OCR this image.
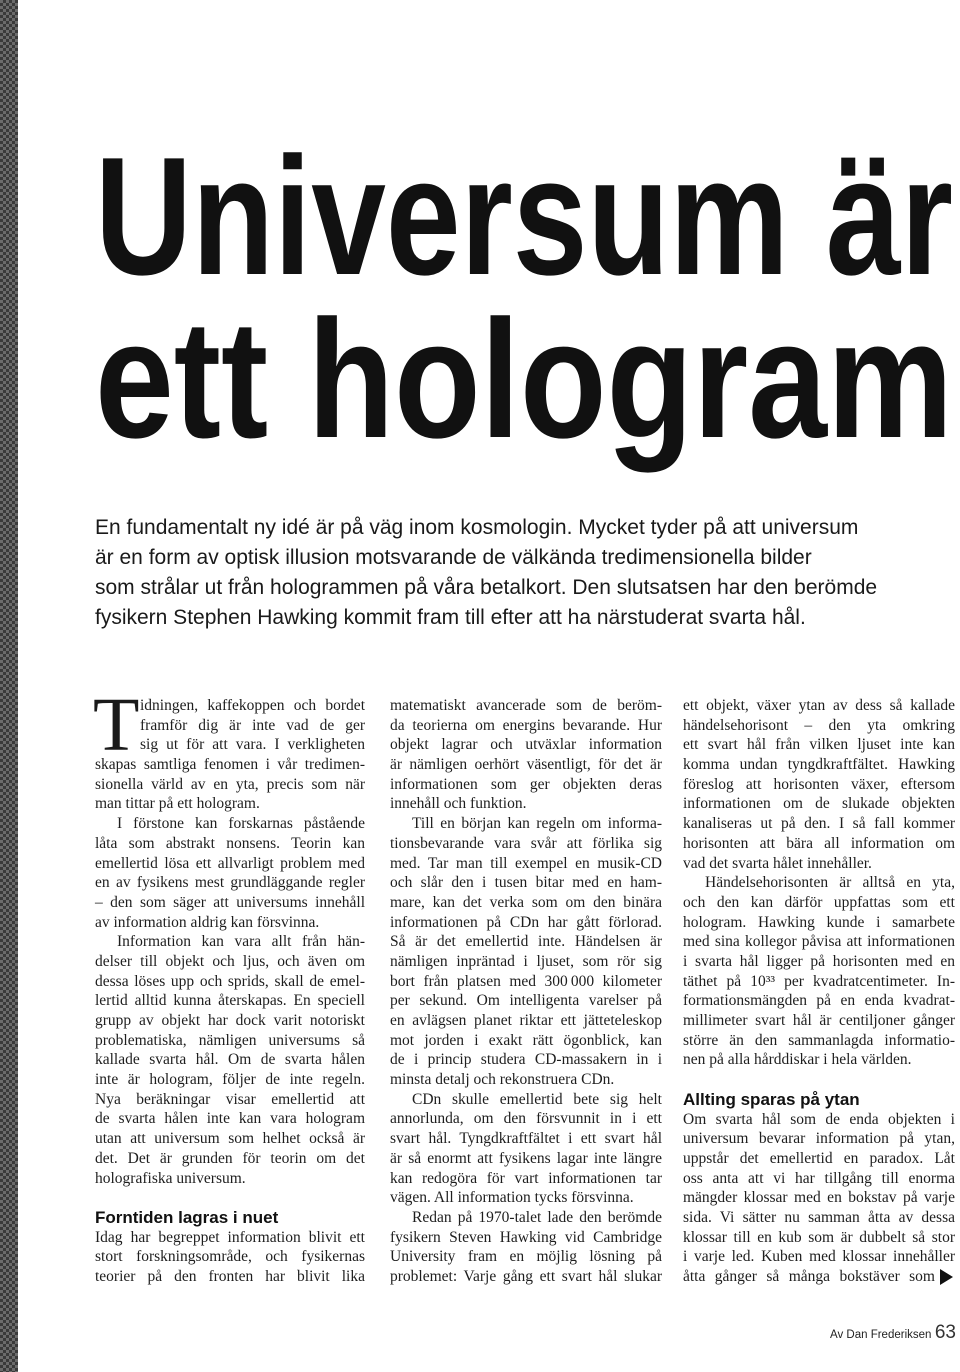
Universum är
ett hologram
En fundamentalt ny idé är på väg inom kosmologin. Mycket tyder på att universum
är en form av optisk illusion motsvarande de välkända tredimensionella bilder
som strålar ut från hologrammen på våra betalkort. Den slutsatsen har den berömde
fysikern Stephen Hawking kommit fram till efter att ha närstuderat svarta hål.
T idningen, kaffekoppen och bordet
framför dig är inte vad de ger
sig ut för att vara. I verkligheten
skapas samtliga fenomen i vår tredimen-
sionella värld av en yta, precis som när
man tittar på ett hologram.
I förstone kan forskarnas påstående
låta som abstrakt nonsens. Teorin kan
emellertid lösa ett allvarligt problem med
en av fysikens mest grundläggande regler
– den som säger att universums innehåll
av information aldrig kan försvinna.
Information kan vara allt från hän-
delser till objekt och ljus, och även om
dessa löses upp och sprids, skall de emel-
lertid alltid kunna återskapas. En speciell
grupp av objekt har dock varit notoriskt
problematiska, nämligen universums så
kallade svarta hål. Om de svarta hålen
inte är hologram, följer de inte regeln.
Nya beräkningar visar emellertid att
de svarta hålen inte kan vara hologram
utan att universum som helhet också är
det. Det är grunden för teorin om det
holografiska universum.
Forntiden lagras i nuet
Idag har begreppet information blivit ett
stort forskningsområde, och fysikernas
teorier på den fronten har blivit lika
matematiskt avancerade som de beröm-
da teorierna om energins bevarande. Hur
objekt lagrar och utväxlar information
är nämligen oerhört väsentligt, för det är
informationen som ger objekten deras
innehåll och funktion.
Till en början kan regeln om informa-
tionsbevarande vara svår att förlika sig
med. Tar man till exempel en musik-CD
och slår den i tusen bitar med en ham-
mare, kan det verka som om den binära
informationen på CDn har gått förlorad.
Så är det emellertid inte. Händelsen är
nämligen inpräntad i ljuset, som rör sig
bort från platsen med 300 000 kilometer
per sekund. Om intelligenta varelser på
en avlägsen planet riktar ett jätteteleskop
mot jorden i exakt rätt ögonblick, kan
de i princip studera CD-massakern in i
minsta detalj och rekonstruera CDn.
CDn skulle emellertid bete sig helt
annorlunda, om den försvunnit in i ett
svart hål. Tyngdkraftfältet i ett svart hål
är så enormt att fysikens lagar inte längre
kan redogöra för vart informationen tar
vägen. All information tycks försvinna.
Redan på 1970-talet lade den berömde
fysikern Steven Hawking vid Cambridge
University fram en möjlig lösning på
problemet: Varje gång ett svart hål slukar
ett objekt, växer ytan av dess så kallade
händelsehorisont – den yta omkring
ett svart hål från vilken ljuset inte kan
komma undan tyngdkraftfältet. Hawking
föreslog att horisonten växer, eftersom
informationen om de slukade objekten
kanaliseras ut på den. I så fall kommer
horisonten att bära all information om
vad det svarta hålet innehåller.
Händelsehorisonten är alltså en yta,
och den kan därför uppfattas som ett
hologram. Hawking kunde i samarbete
med sina kollegor påvisa att informationen
i svarta hål ligger på horisonten med en
täthet på 10³³ per kvadratcentimeter. In-
formationsmängden på en enda kvadrat-
millimeter svart hål är centiljoner gånger
större än den sammanlagda informatio-
nen på alla hårddiskar i hela världen.
Allting sparas på ytan
Om svarta hål som de enda objekten i
universum bevarar information på ytan,
uppstår det emellertid en paradox. Låt
oss anta att vi har tillgång till enorma
mängder klossar med en bokstav på varje
sida. Vi sätter nu samman åtta av dessa
klossar till en kub som är dubbelt så stor
i varje led. Kuben med klossar innehåller
åtta gånger så många bokstäver som
Av Dan Frederiksen 63
